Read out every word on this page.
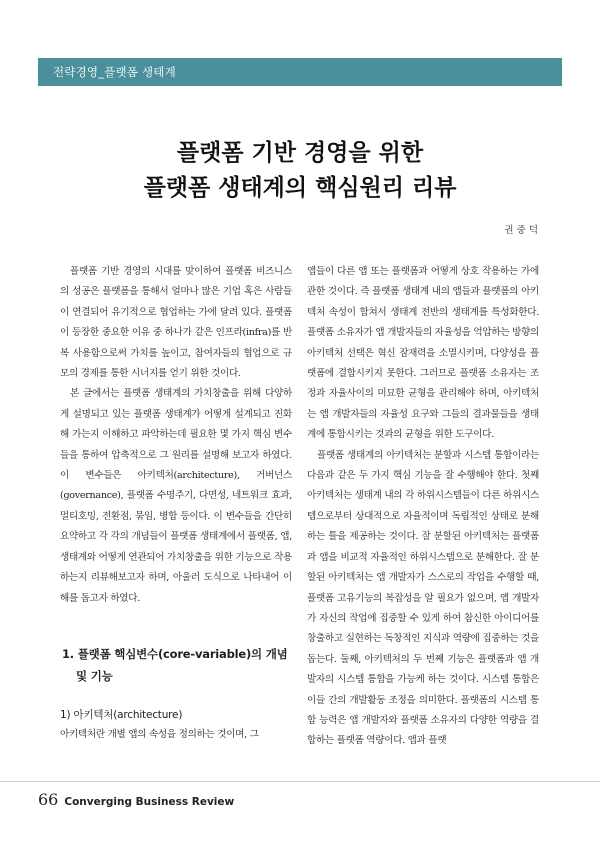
전략경영_플랫폼 생태계
플랫폼 기반 경영을 위한
플랫폼 생태계의 핵심원리 리뷰
권 중 덕

플랫폼 기반 경영의 시대를 맞이하여 플랫폼 비즈니스의 성공은 플랫폼을 통해서 얼마나 많은 기업 혹은 사람들이 연결되어 유기적으로 협업하는 가에 달려 있다. 플랫폼이 등장한 중요한 이유 중 하나가 같은 인프라(infra)를 반복 사용함으로써 가치를 높이고, 참여자들의 협업으로 규모의 경제를 통한 시너지를 얻기 위한 것이다.

본 글에서는 플랫폼 생태계의 가치창출을 위해 다양하게 설명되고 있는 플랫폼 생태계가 어떻게 설계되고 진화해 가는지 이해하고 파악하는데 필요한 몇 가지 핵심 변수들을 통하여 압축적으로 그 원리를 설명해 보고자 하였다. 이 변수들은 아키텍처(architecture), 거버넌스(governance), 플랫폼 수명주기, 다면성, 네트워크 효과, 멀티호밍, 전환점, 묶임, 병합 등이다. 이 변수들을 간단히 요약하고 각 각의 개념들이 플랫폼 생태계에서 플랫폼, 앱, 생태계와 어떻게 연관되어 가치창출을 위한 기능으로 작용하는지 리뷰해보고자 하며, 아울러 도식으로 나타내어 이해를 돕고자 하였다.

1. 플랫폼 핵심변수(core-variable)의 개념
및 기능
1) 아키텍처(architecture)

아키텍처란 개별 앱의 속성을 정의하는 것이며, 그

앱들이 다른 앱 또는 플랫폼과 어떻게 상호 작용하는 가에 관한 것이다. 즉 플랫폼 생태계 내의 앱들과 플랫폼의 아키텍처 속성이 합쳐서 생태계 전반의 생태계를 특성화한다. 플랫폼 소유자가 앱 개발자들의 자율성을 억압하는 방향의 아키텍처 선택은 혁신 잠재력을 소멸시키며, 다양성을 플랫폼에 결합시키지 못한다. 그러므로 플랫폼 소유자는 조정과 자율사이의 미묘한 균형을 관리해야 하며, 아키텍처는 앱 개발자들의 자율성 요구와 그들의 결과물들을 생태계에 통합시키는 것과의 균형을 위한 도구이다.

플랫폼 생태계의 아키텍처는 분할과 시스템 통합이라는 다음과 같은 두 가지 핵심 기능을 잘 수행해야 한다. 첫째 아키텍처는 생태계 내의 각 하위시스템들이 다른 하위시스템으로부터 상대적으로 자율적이며 독립적인 상태로 분해하는 틀을 제공하는 것이다. 잘 분할된 아키텍처는 플랫폼과 앱을 비교적 자율적인 하위시스템으로 분해한다. 잘 분할된 아키텍처는 앱 개발자가 스스로의 작업을 수행할 때, 플랫폼 고유기능의 복잡성을 알 필요가 없으며, 앱 개발자가 자신의 작업에 집중할 수 있게 하여 참신한 아이디어를 창출하고 실현하는 독창적인 지식과 역량에 집중하는 것을 돕는다. 둘째, 아키텍처의 두 번째 기능은 플랫폼과 앱 개발자의 시스템 통합을 가능케 하는 것이다. 시스템 통합은 이들 간의 개발활동 조정을 의미한다. 플랫폼의 시스템 통합 능력은 앱 개발자와 플랫폼 소유자의 다양한 역량을 결합하는 플랫폼 역량이다. 앱과 플랫

66 Converging Business Review
